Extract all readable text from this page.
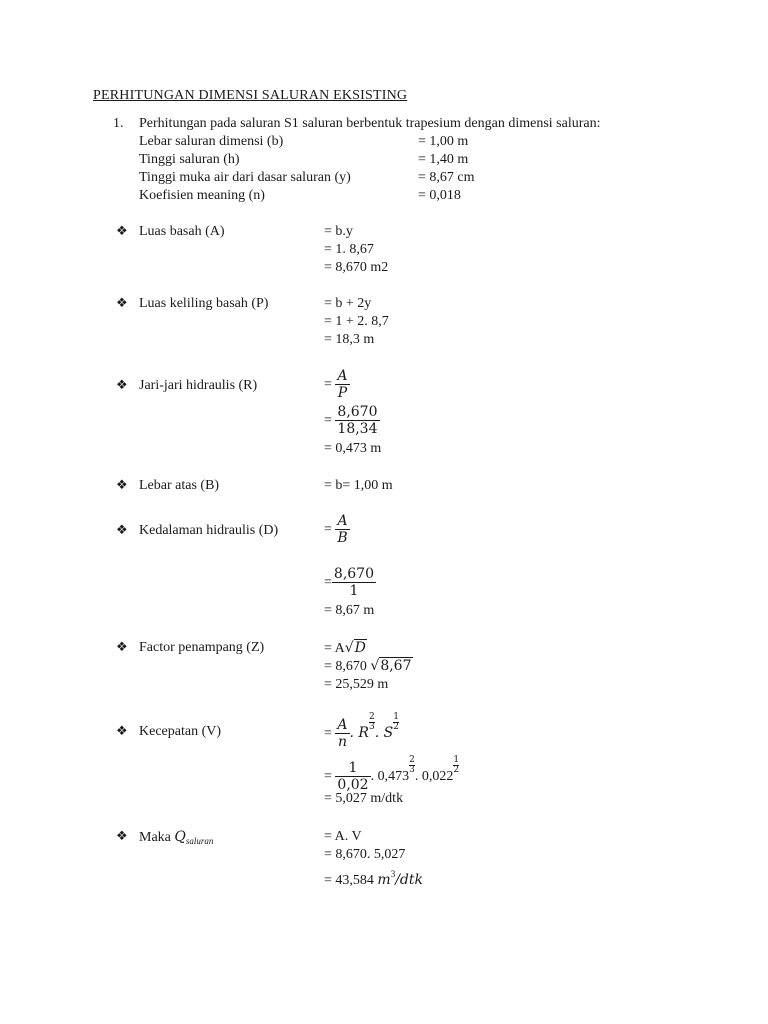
PERHITUNGAN DIMENSI SALURAN EKSISTING
1. Perhitungan pada saluran S1 saluran berbentuk trapesium dengan dimensi saluran:
Lebar saluran dimensi (b)	= 1,00 m
Tinggi saluran (h)	= 1,40 m
Tinggi muka air dari dasar saluran (y)	= 8,67 cm
Koefisien meaning (n)	= 0,018
❖ Luas basah (A)	= b.y
= 1. 8,67
= 8,670 m2
❖ Luas keliling basah (P)	= b + 2y
= 1 + 2. 8,7
= 18,3 m
❖ Jari-jari hidraulis (R)	= $\frac{A}{P}$
= $\frac{8,670}{18,34}$
= 0,473 m
❖ Lebar atas (B)	= b= 1,00 m
❖ Kedalaman hidraulis (D)	= $\frac{A}{B}$
= $\frac{8,670}{1}$
= 8,67 m
❖ Factor penampang (Z)	= A√D
= 8,670 √8,67
= 25,529 m
❖ Kecepatan (V)	= $\frac{A}{n}$ . R
$\frac{2}{3}$
. S
$\frac{1}{2}$
= $\frac{1}{0,02}$ . 0,473
$\frac{2}{3}$
. 0,022
$\frac{1}{2}$
= 5,027 m/dtk
❖ Maka $Q_{saluran}$	= A. V
= 8,670. 5,027
= 43,584 $m^3$/dtk
